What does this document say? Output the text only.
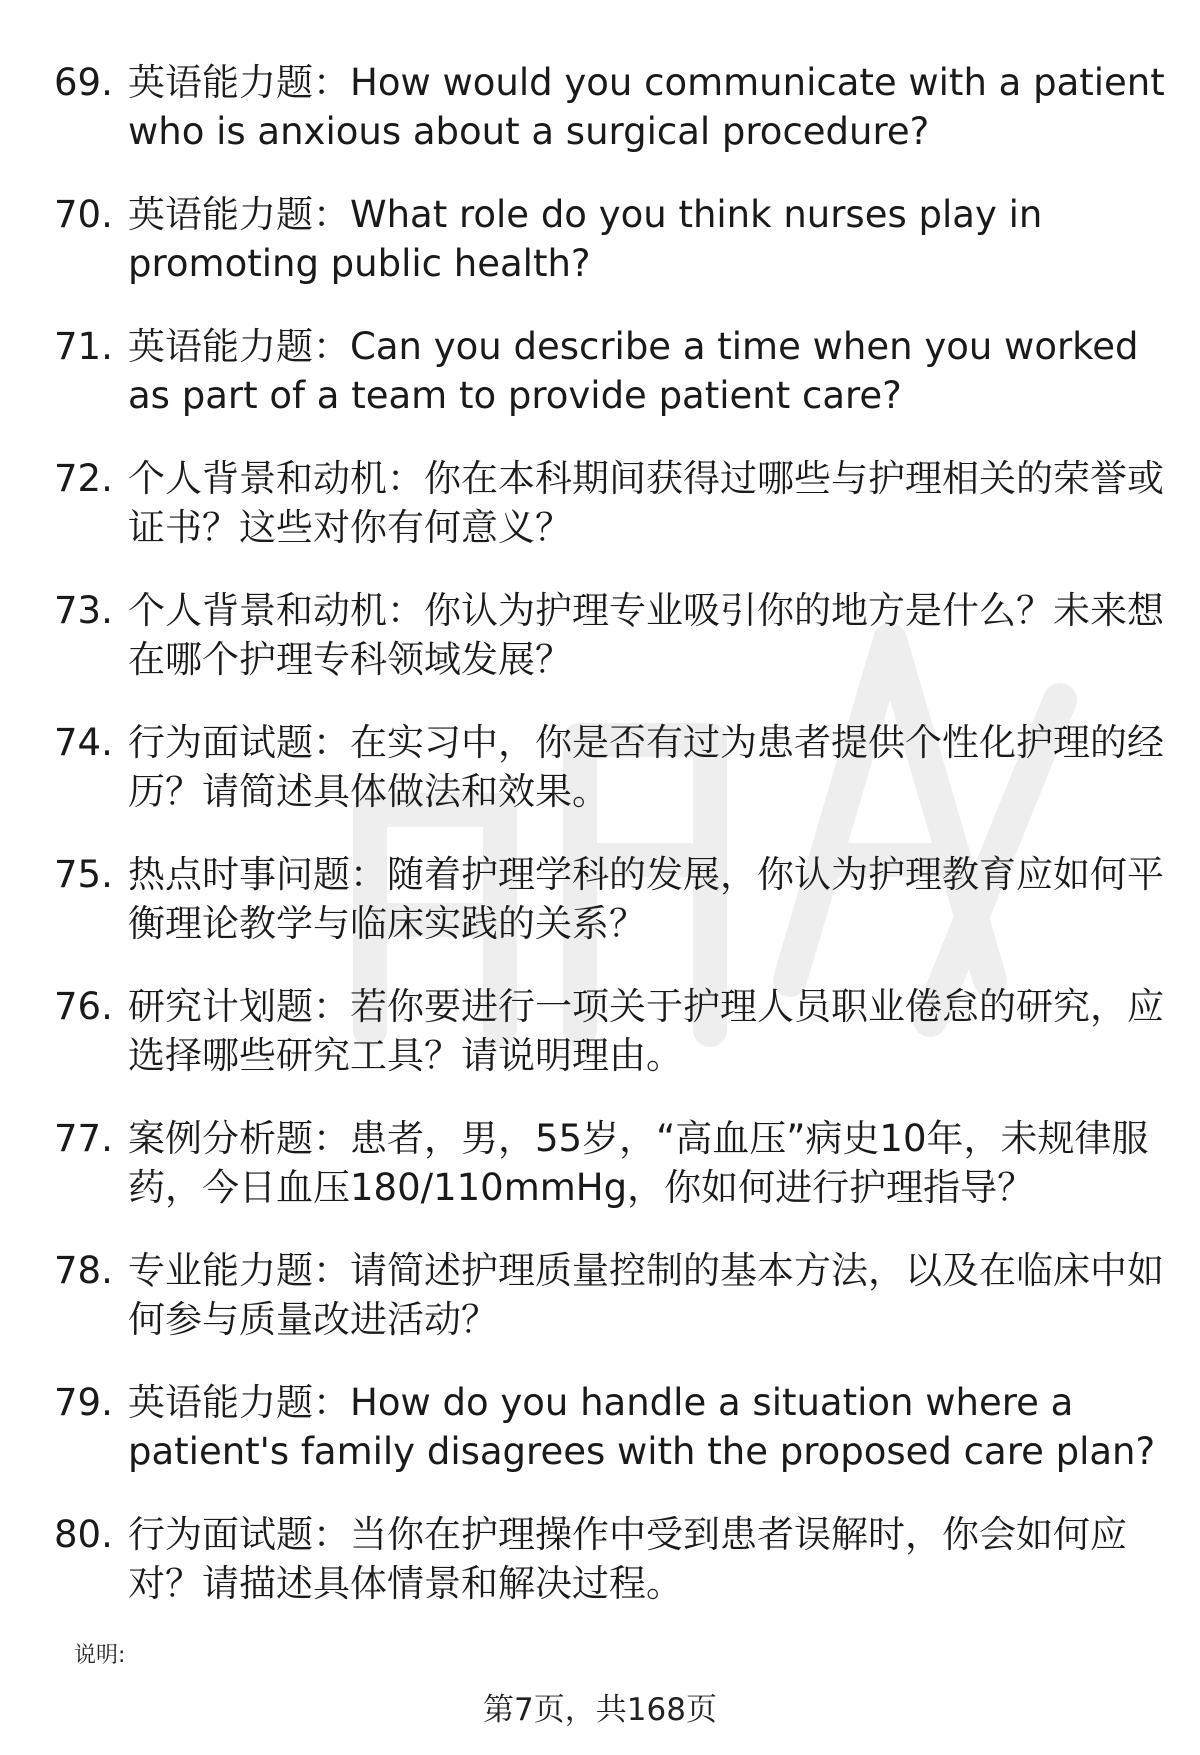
69. 英语能力题：How would you communicate with a patient who is anxious about a surgical procedure?
70. 英语能力题：What role do you think nurses play in promoting public health?
71. 英语能力题：Can you describe a time when you worked as part of a team to provide patient care?
72. 个人背景和动机：你在本科期间获得过哪些与护理相关的荣誉或证书？这些对你有何意义？
73. 个人背景和动机：你认为护理专业吸引你的地方是什么？未来想在哪个护理专科领域发展？
74. 行为面试题：在实习中，你是否有过为患者提供个性化护理的经历？请简述具体做法和效果。
75. 热点时事问题：随着护理学科的发展，你认为护理教育应如何平衡理论教学与临床实践的关系？
76. 研究计划题：若你要进行一项关于护理人员职业倦怠的研究，应选择哪些研究工具？请说明理由。
77. 案例分析题：患者，男，55岁，“高血压”病史10年，未规律服药，今日血压180/110mmHg，你如何进行护理指导？
78. 专业能力题：请简述护理质量控制的基本方法，以及在临床中如何参与质量改进活动？
79. 英语能力题：How do you handle a situation where a patient's family disagrees with the proposed care plan?
80. 行为面试题：当你在护理操作中受到患者误解时，你会如何应对？请描述具体情景和解决过程。
说明:
第7页，共168页
